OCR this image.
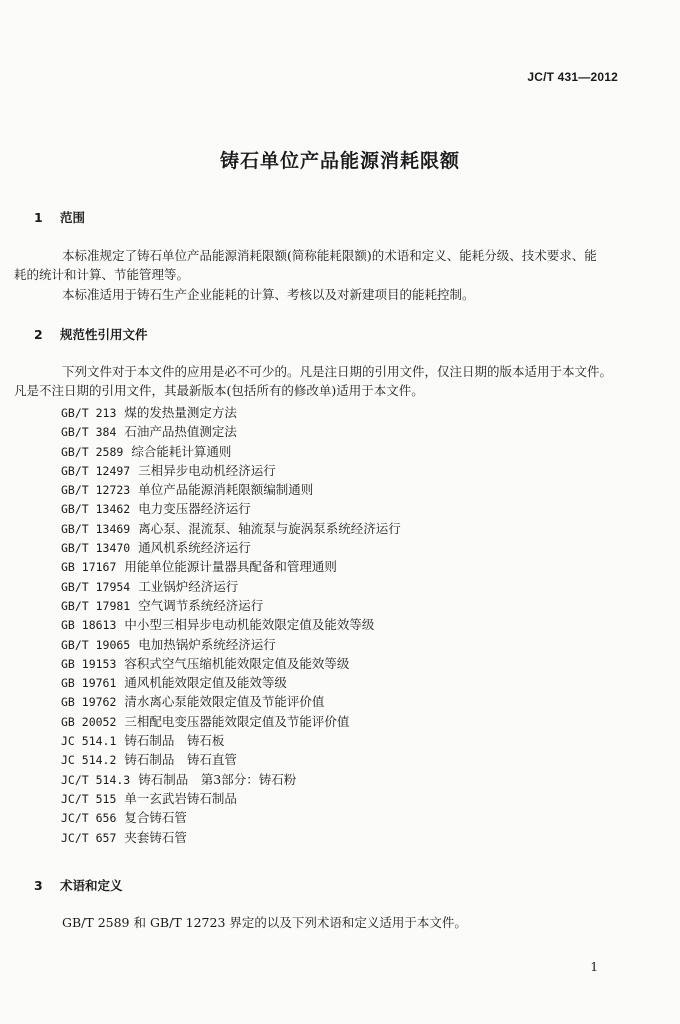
JC/T 431—2012
铸石单位产品能源消耗限额
1 范围
本标准规定了铸石单位产品能源消耗限额(简称能耗限额)的术语和定义、能耗分级、技术要求、能
耗的统计和计算、节能管理等。
本标准适用于铸石生产企业能耗的计算、考核以及对新建项目的能耗控制。
2 规范性引用文件
下列文件对于本文件的应用是必不可少的。凡是注日期的引用文件，仅注日期的版本适用于本文件。
凡是不注日期的引用文件，其最新版本(包括所有的修改单)适用于本文件。
GB/T 213 煤的发热量测定方法
GB/T 384 石油产品热值测定法
GB/T 2589 综合能耗计算通则
GB/T 12497 三相异步电动机经济运行
GB/T 12723 单位产品能源消耗限额编制通则
GB/T 13462 电力变压器经济运行
GB/T 13469 离心泵、混流泵、轴流泵与旋涡泵系统经济运行
GB/T 13470 通风机系统经济运行
GB 17167 用能单位能源计量器具配备和管理通则
GB/T 17954 工业锅炉经济运行
GB/T 17981 空气调节系统经济运行
GB 18613 中小型三相异步电动机能效限定值及能效等级
GB/T 19065 电加热锅炉系统经济运行
GB 19153 容积式空气压缩机能效限定值及能效等级
GB 19761 通风机能效限定值及能效等级
GB 19762 清水离心泵能效限定值及节能评价值
GB 20052 三相配电变压器能效限定值及节能评价值
JC 514.1 铸石制品　铸石板
JC 514.2 铸石制品　铸石直管
JC/T 514.3 铸石制品　第3部分：铸石粉
JC/T 515 单一玄武岩铸石制品
JC/T 656 复合铸石管
JC/T 657 夹套铸石管
3 术语和定义
GB/T 2589 和 GB/T 12723 界定的以及下列术语和定义适用于本文件。
1
